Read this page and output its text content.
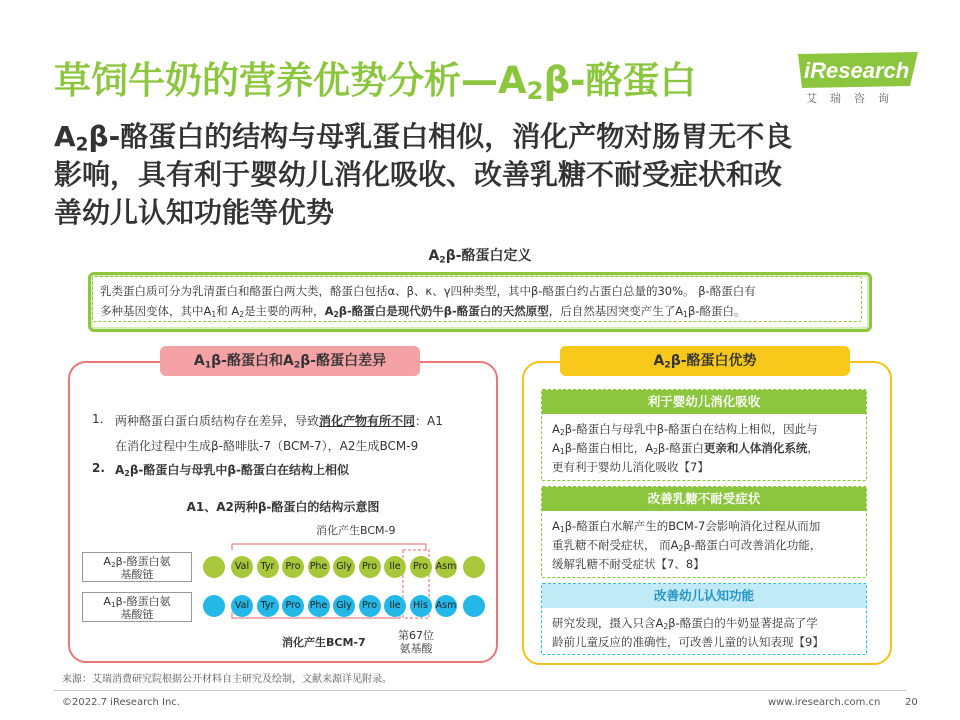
草饲牛奶的营养优势分析$—A_2\beta-$酪蛋白	iResearch
艾瑞咨询
$A_2\beta-$酪蛋白的结构与母乳蛋白相似，消化产物对肠胃无不良
影响，具有利于婴幼儿消化吸收、改善乳糖不耐受症状和改
善幼儿认知功能等优势
$A_2\beta-$酪蛋白定义
乳类蛋白质可分为乳清蛋白和酪蛋白两大类，酪蛋白包括α、β、κ、γ四种类型，其中β-酪蛋白约占蛋白总量的30%。 β-酪蛋白有
多种基因变体，其中$A_1$和 $A_2$是主要的两种，$A_2\beta-$酪蛋白是现代奶牛β-酪蛋白的天然原型，后自然基因突变产生了$A_1\beta-$酪蛋白。
$A_1\beta-$酪蛋白和$A_2\beta-$酪蛋白差异
1. 两种酪蛋白蛋白质结构存在差异，导致消化产物有所不同：A1
在消化过程中生成β-酪啡肽-7（BCM-7），A2生成BCM-9
2. $A_2\beta-$酪蛋白与母乳中β-酪蛋白在结构上相似
A1、A2两种β-酪蛋白的结构示意图
消化产生BCM-9
消化产生BCM-7
第67位
氨基酸
$A_2\beta-$酪蛋白氨
基酸链
$A_1\beta-$酪蛋白氨
基酸链
Val	Tyr	Pro Phe Gly	Pro	Ile	Pro Asm
Val	Tyr	Pro Phe Gly	Pro	Ile	His Asm
$A_2\beta-$酪蛋白优势
利于婴幼儿消化吸收
$A_2\beta-$酪蛋白与母乳中β-酪蛋白在结构上相似，因此与
$A_1\beta-$酪蛋白相比，$A_2\beta-$酪蛋白更亲和人体消化系统，
更有利于婴幼儿消化吸收【7】
改善乳糖不耐受症状
$A_1\beta-$酪蛋白水解产生的BCM-7会影响消化过程从而加
重乳糖不耐受症状， 而$A_2\beta-$酪蛋白可改善消化功能，
缓解乳糖不耐受症状【7、8】
改善幼儿认知功能
研究发现，摄入只含$A_2\beta-$酪蛋白的牛奶显著提高了学
龄前儿童反应的准确性，可改善儿童的认知表现【9】
来源：艾瑞消费研究院根据公开材料自主研究及绘制，文献来源详见附录。
©2022.7 iResearch Inc.	www.iresearch.com.cn 20
